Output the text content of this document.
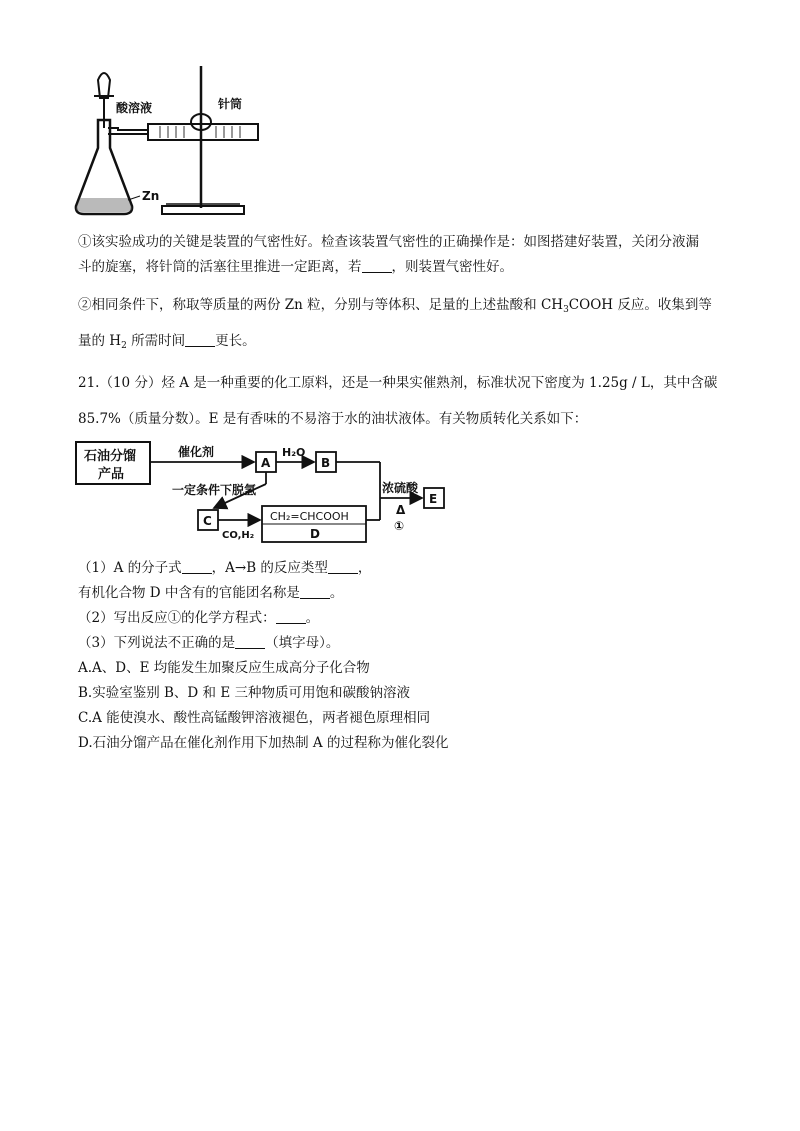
酸溶液	针筒
Zn
①该实验成功的关键是装置的气密性好。检查该装置气密性的正确操作是：如图搭建好装置，关闭分液漏
斗的旋塞，将针筒的活塞往里推进一定距离，若 ，则装置气密性好。
②相同条件下，称取等质量的两份 Zn 粒，分别与等体积、足量的上述盐酸和 $CH_3COOH$ 反应。收集到等
量的 $H_2$ 所需时间 更长。
21.（10 分）烃 A 是一种重要的化工原料，还是一种果实催熟剂，标准状况下密度为 1.25g / L，其中含碳
85.7%（质量分数）。E 是有香味的不易溶于水的油状液体。有关物质转化关系如下：
石油分馏
产品
催化剂
A
H₂O
B
一定条件下脱氢
C
CO,H₂
CH₂=CHCOOH
D
浓硫酸
Δ
①
E
（1）A 的分子式 ，A→B 的反应类型 ，
有机化合物 D 中含有的官能团名称是 。
（2）写出反应①的化学方程式： 。
（3）下列说法不正确的是 （填字母）。
A.A、D、E 均能发生加聚反应生成高分子化合物
B.实验室鉴别 B、D 和 E 三种物质可用饱和碳酸钠溶液
C.A 能使溴水、酸性高锰酸钾溶液褪色，两者褪色原理相同
D.石油分馏产品在催化剂作用下加热制 A 的过程称为催化裂化
